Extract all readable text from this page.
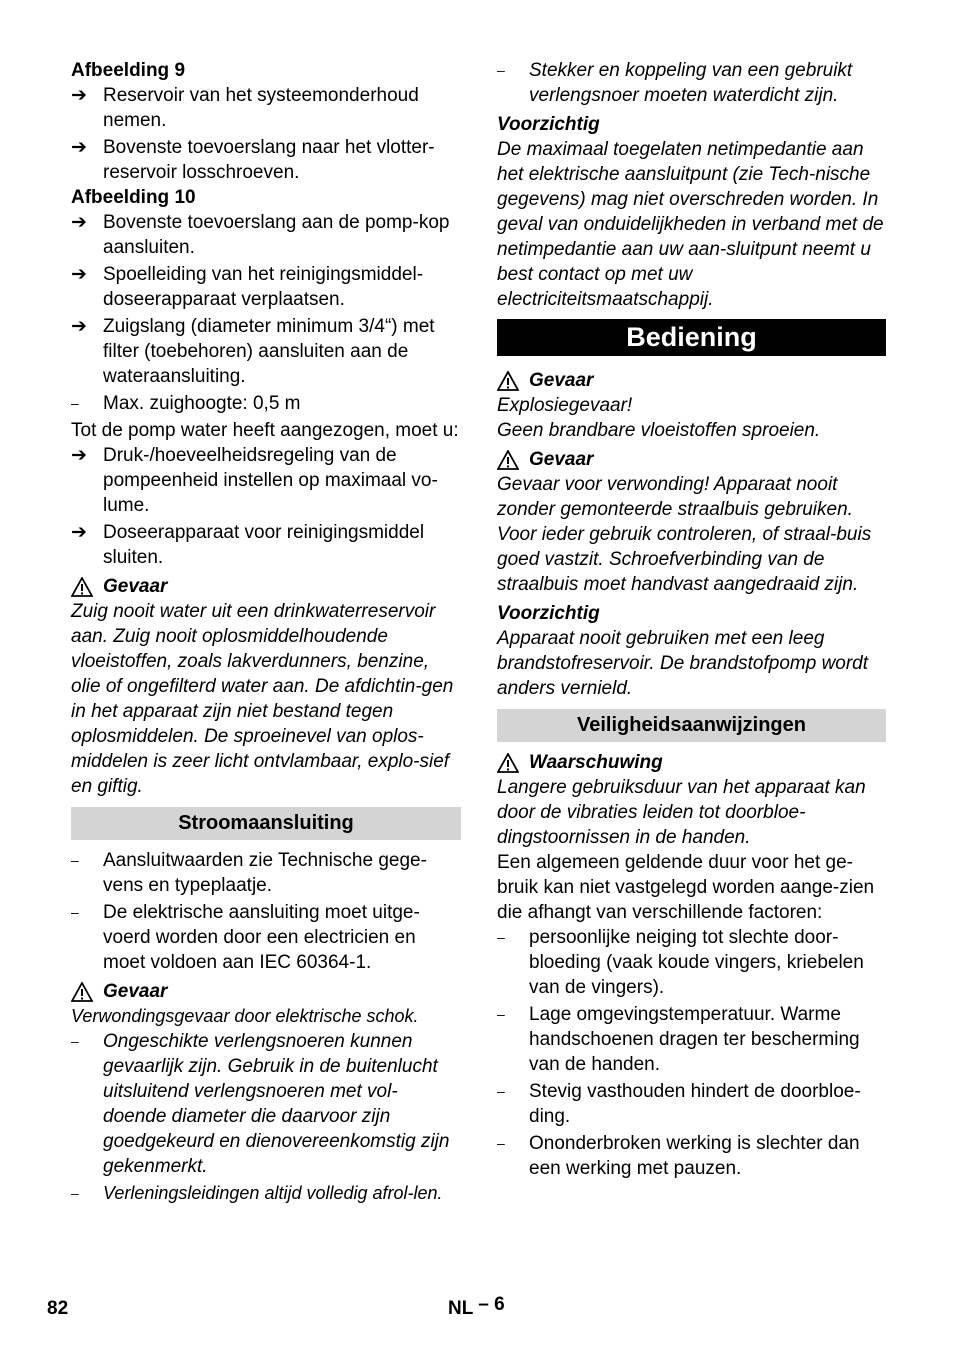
Afbeelding 9
➔ Reservoir van het systeemonderhoud nemen.
➔ Bovenste toevoerslang naar het vlotter-reservoir losschroeven.
Afbeelding 10
➔ Bovenste toevoerslang aan de pomp-kop aansluiten.
➔ Spoelleiding van het reinigingsmiddel-doseerapparaat verplaatsen.
➔ Zuigslang (diameter minimum 3/4“) met filter (toebehoren) aansluiten aan de wateraansluiting.
– Max. zuighoogte: 0,5 m
Tot de pomp water heeft aangezogen, moet u:
➔ Druk-/hoeveelheidsregeling van de pompeenheid instellen op maximaal vo-lume.
➔ Doseerapparaat voor reinigingsmiddel sluiten.
Gevaar
Zuig nooit water uit een drinkwaterreservoir aan. Zuig nooit oplosmiddelhoudende vloeistoffen, zoals lakverdunners, benzine, olie of ongefilterd water aan. De afdichtin-gen in het apparaat zijn niet bestand tegen oplosmiddelen. De sproeinevel van oplos-middelen is zeer licht ontvlambaar, explo-sief en giftig.
Stroomaansluiting
– Aansluitwaarden zie Technische gege-vens en typeplaatje.
– De elektrische aansluiting moet uitge-voerd worden door een electricien en moet voldoen aan IEC 60364-1.
Gevaar
Verwondingsgevaar door elektrische schok.
– Ongeschikte verlengsnoeren kunnen gevaarlijk zijn. Gebruik in de buitenlucht uitsluitend verlengsnoeren met vol-doende diameter die daarvoor zijn goedgekeurd en dienovereenkomstig zijn gekenmerkt.
– Verleningsleidingen altijd volledig afrol-len.
– Stekker en koppeling van een gebruikt verlengsnoer moeten waterdicht zijn.
Voorzichtig
De maximaal toegelaten netimpedantie aan het elektrische aansluitpunt (zie Tech-nische gegevens) mag niet overschreden worden. In geval van onduidelijkheden in verband met de netimpedantie aan uw aan-sluitpunt neemt u best contact op met uw electriciteitsmaatschappij.
Bediening
Gevaar
Explosiegevaar!
Geen brandbare vloeistoffen sproeien.
Gevaar
Gevaar voor verwonding! Apparaat nooit zonder gemonteerde straalbuis gebruiken. Voor ieder gebruik controleren, of straal-buis goed vastzit. Schroefverbinding van de straalbuis moet handvast aangedraaid zijn.
Voorzichtig
Apparaat nooit gebruiken met een leeg brandstofreservoir. De brandstofpomp wordt anders vernield.
Veiligheidsaanwijzingen
Waarschuwing
Langere gebruiksduur van het apparaat kan door de vibraties leiden tot doorbloe-dingstoornissen in de handen.
Een algemeen geldende duur voor het ge-bruik kan niet vastgelegd worden aange-zien die afhangt van verschillende factoren:
– persoonlijke neiging tot slechte door-bloeding (vaak koude vingers, kriebelen van de vingers).
– Lage omgevingstemperatuur. Warme handschoenen dragen ter bescherming van de handen.
– Stevig vasthouden hindert de doorbloe-ding.
– Ononderbroken werking is slechter dan een werking met pauzen.
82	NL – 6
